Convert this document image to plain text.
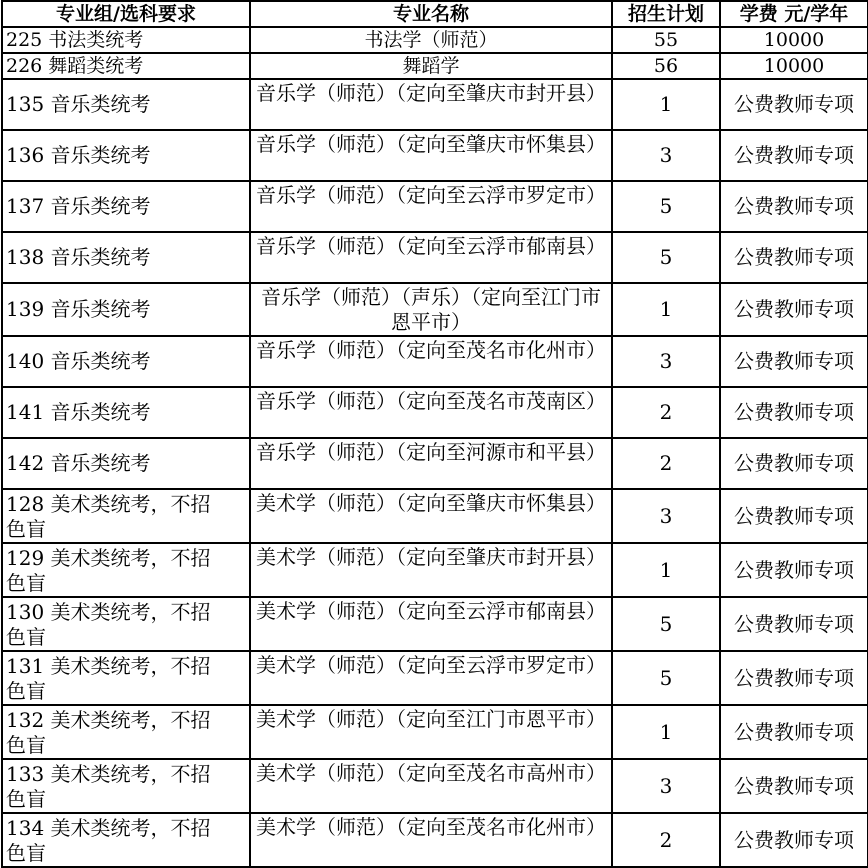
专业组/选科要求	专业名称	招生计划	学费 元/学年
225 书法类统考	书法学（师范）	55	10000
226 舞蹈类统考	舞蹈学	56	10000
135 音乐类统考	音乐学（师范）（定向至肇庆市封开县）	1	公费教师专项
136 音乐类统考	音乐学（师范）（定向至肇庆市怀集县）	3	公费教师专项
137 音乐类统考	音乐学（师范）（定向至云浮市罗定市）	5	公费教师专项
138 音乐类统考	音乐学（师范）（定向至云浮市郁南县）	5	公费教师专项
139 音乐类统考	音乐学（师范）（声乐）（定向至江门市恩平市）	1	公费教师专项
140 音乐类统考	音乐学（师范）（定向至茂名市化州市）	3	公费教师专项
141 音乐类统考	音乐学（师范）（定向至茂名市茂南区）	2	公费教师专项
142 音乐类统考	音乐学（师范）（定向至河源市和平县）	2	公费教师专项
128 美术类统考，不招色盲	美术学（师范）（定向至肇庆市怀集县）	3	公费教师专项
129 美术类统考，不招色盲	美术学（师范）（定向至肇庆市封开县）	1	公费教师专项
130 美术类统考，不招色盲	美术学（师范）（定向至云浮市郁南县）	5	公费教师专项
131 美术类统考，不招色盲	美术学（师范）（定向至云浮市罗定市）	5	公费教师专项
132 美术类统考，不招色盲	美术学（师范）（定向至江门市恩平市）	1	公费教师专项
133 美术类统考，不招色盲	美术学（师范）（定向至茂名市高州市）	3	公费教师专项
134 美术类统考，不招色盲	美术学（师范）（定向至茂名市化州市）	2	公费教师专项
